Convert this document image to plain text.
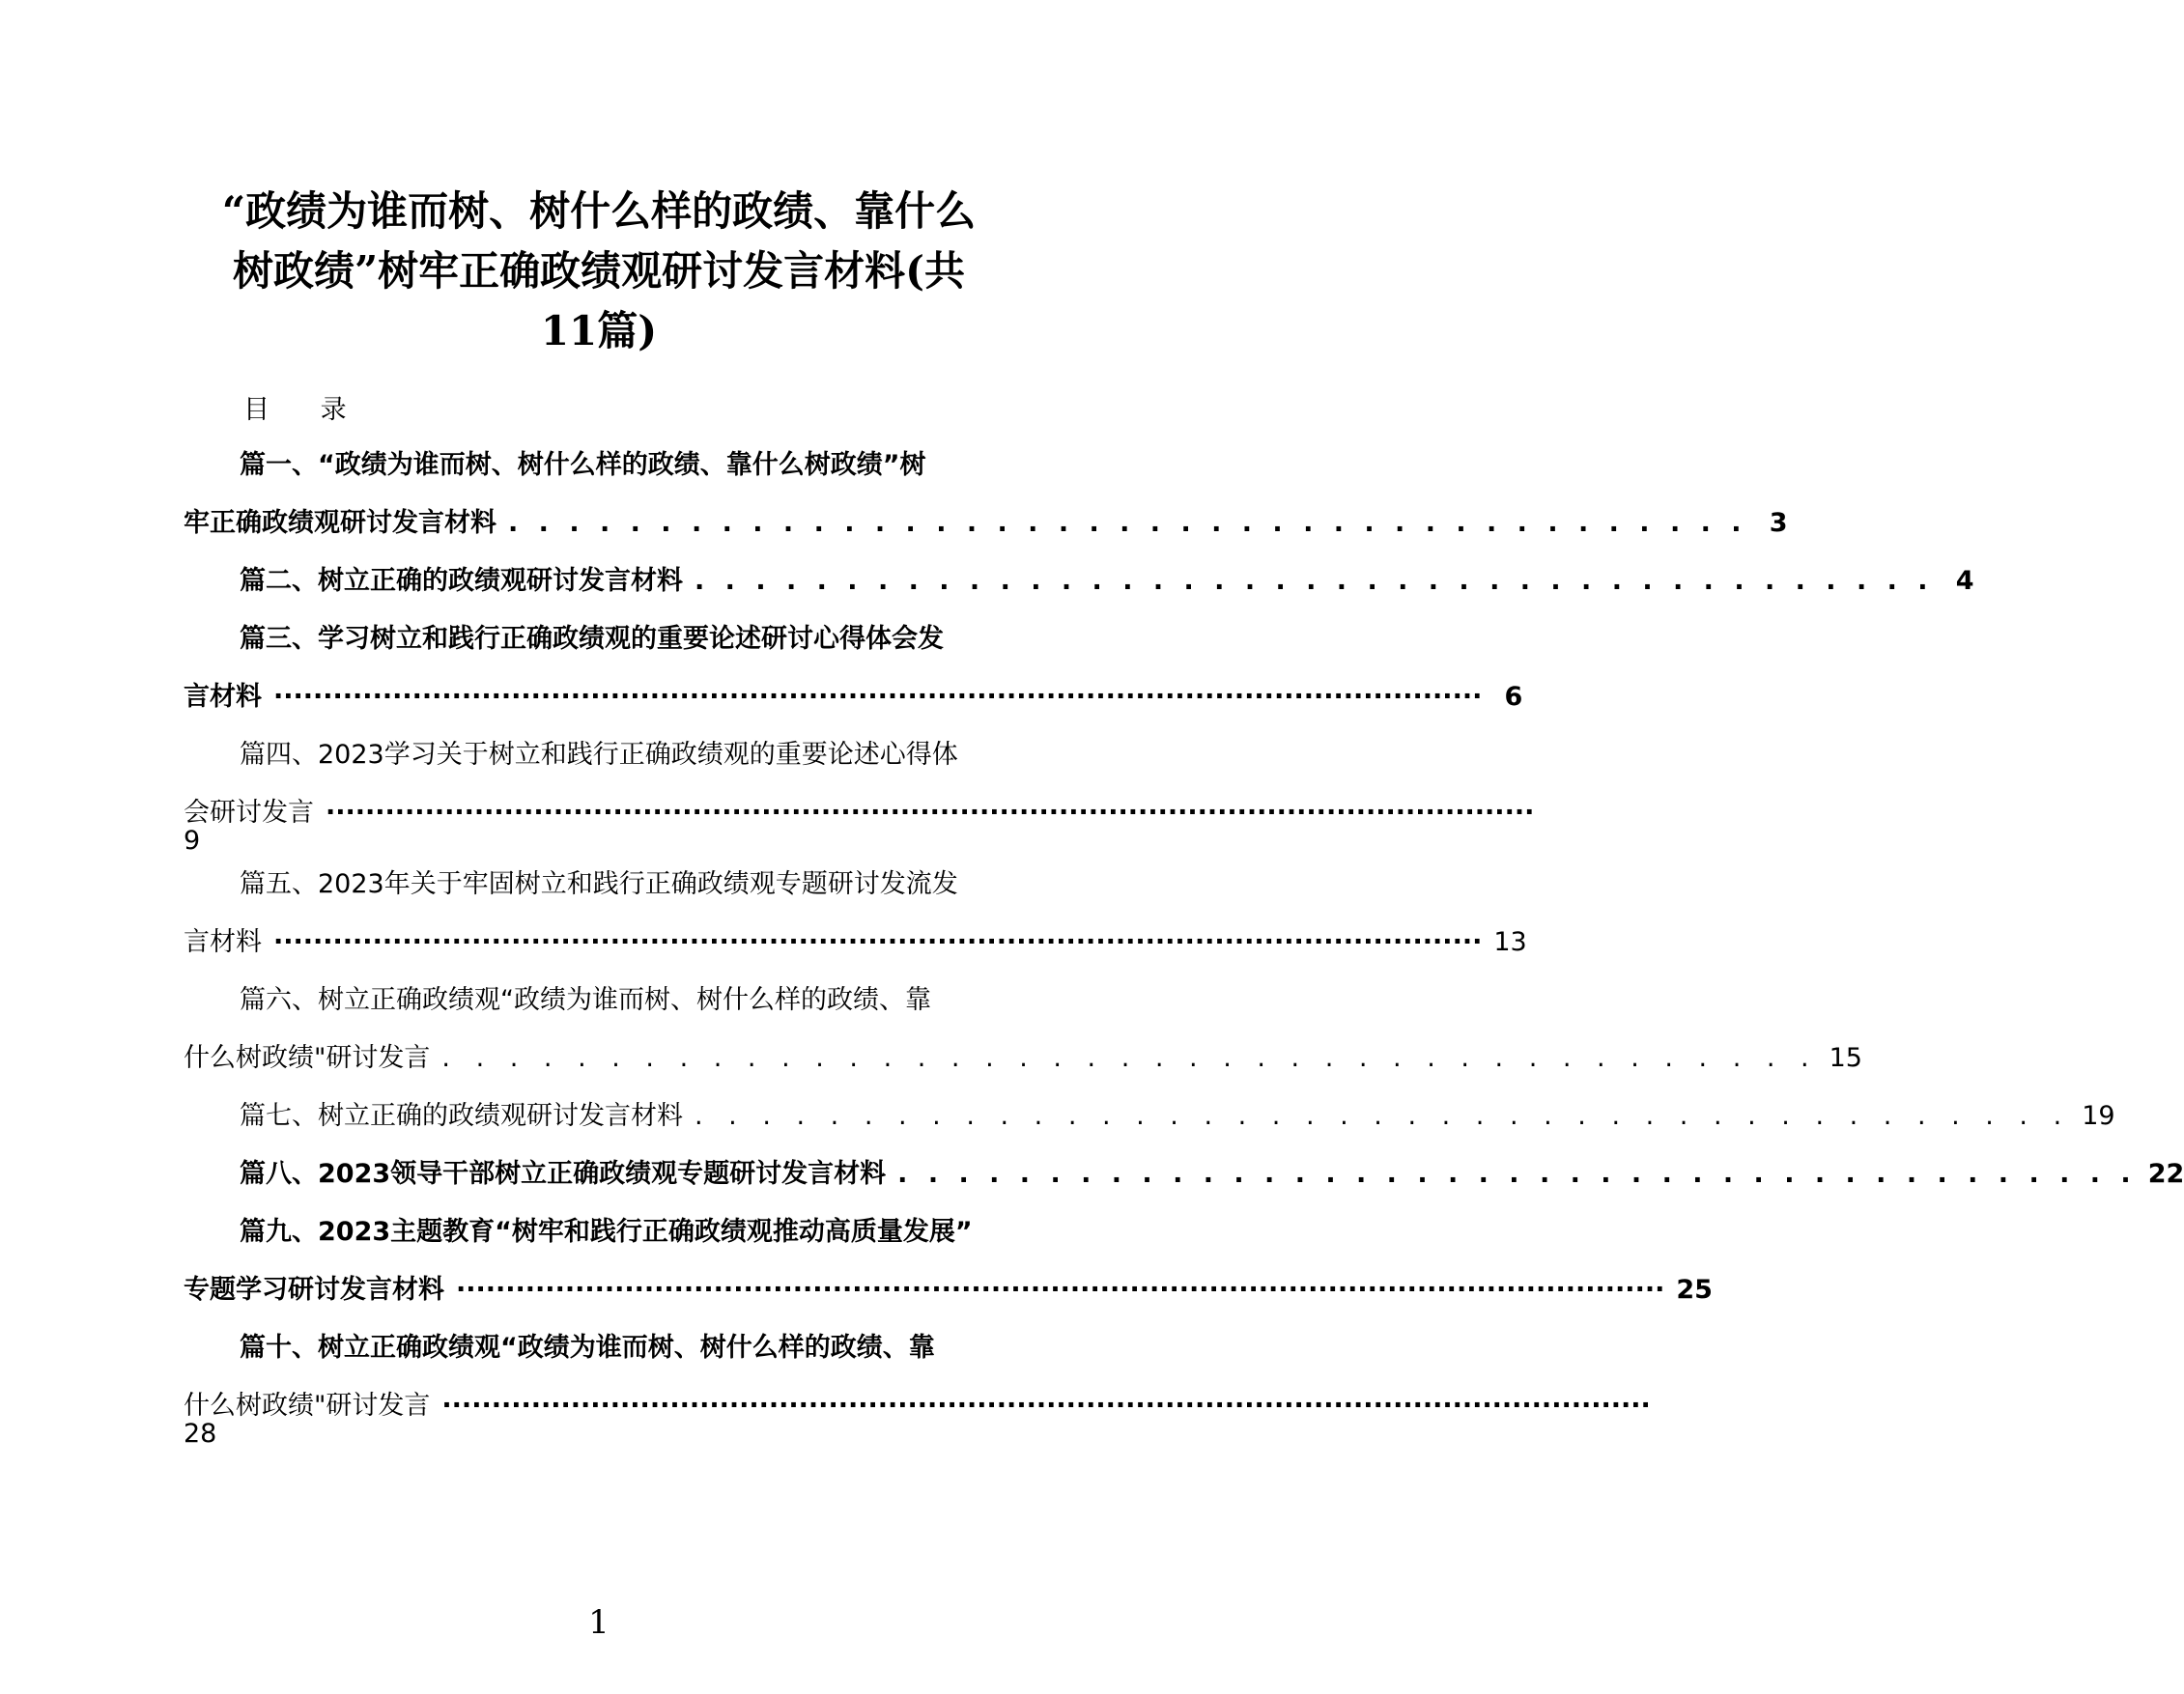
“政绩为谁而树、树什么样的政绩、靠什么
树政绩”树牢正确政绩观研讨发言材料(共
11篇)
目 录
篇一、“政绩为谁而树、树什么样的政绩、靠什么树政绩”树
牢正确政绩观研讨发言材料 . . . . . . . . . . . . . . . . . . . . . . . . . . . . . . . . . . . . . . . . . 3
篇二、树立正确的政绩观研讨发言材料 . . . . . . . . . . . . . . . . . . . . . . . . . . . . . . . . . . . . . . . . . 4
篇三、学习树立和践行正确政绩观的重要论述研讨心得体会发
言材料 ·························································································································· 6
篇四、2023学习关于树立和践行正确政绩观的重要论述心得体
会研讨发言 ··························································································································
9
篇五、2023年关于牢固树立和践行正确政绩观专题研讨发流发
言材料 ·························································································································· 13
篇六、树立正确政绩观“政绩为谁而树、树什么样的政绩、靠
什么树政绩"研讨发言 . . . . . . . . . . . . . . . . . . . . . . . . . . . . . . . . . . . . . . . . . 15
篇七、树立正确的政绩观研讨发言材料 . . . . . . . . . . . . . . . . . . . . . . . . . . . . . . . . . . . . . . . . . 19
篇八、2023领导干部树立正确政绩观专题研讨发言材料 . . . . . . . . . . . . . . . . . . . . . . . . . . . . . . . . . . . . . . . . . 22
篇九、2023主题教育“树牢和践行正确政绩观推动高质量发展”
专题学习研讨发言材料 ·························································································································· 25
篇十、树立正确政绩观“政绩为谁而树、树什么样的政绩、靠
什么树政绩"研讨发言 ··························································································································
28
1
